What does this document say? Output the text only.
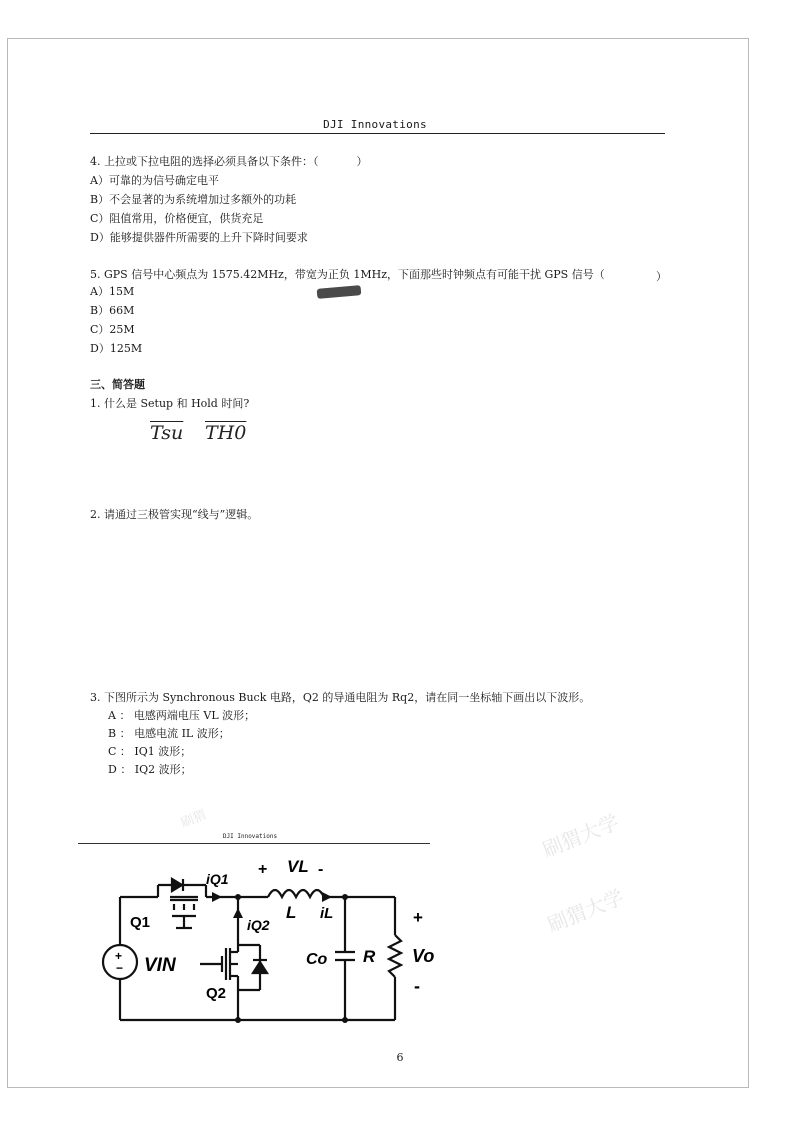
DJI Innovations
4. 上拉或下拉电阻的选择必须具备以下条件：（	）
A）可靠的为信号确定电平
B）不会显著的为系统增加过多额外的功耗
C）阻值常用，价格便宜，供货充足
D）能够提供器件所需要的上升下降时间要求
5. GPS 信号中心频点为 1575.42MHz，带宽为正负 1MHz，下面那些时钟频点有可能干扰 GPS 信号（	）
A）15M
B）66M
C）25M
D）125M
三、简答题
1. 什么是 Setup 和 Hold 时间?
$\overline{Tsu}$ TH0
2. 请通过三极管实现“线与”逻辑。
3. 下图所示为 Synchronous Buck 电路，Q2 的导通电阻为 Rq2，请在同一坐标轴下画出以下波形。
A ： 电感两端电压 VL 波形；
B ： 电感电流 IL 波形；
C ： IQ1 波形；
D ： IQ2 波形；
刷猬大学
刷猬大学
刷猬
DJI Innovations
Q1
Q2
iQ1
iQ2
+ VL -
L iL
Co R
+
Vo
-
VIN
+
−
6
